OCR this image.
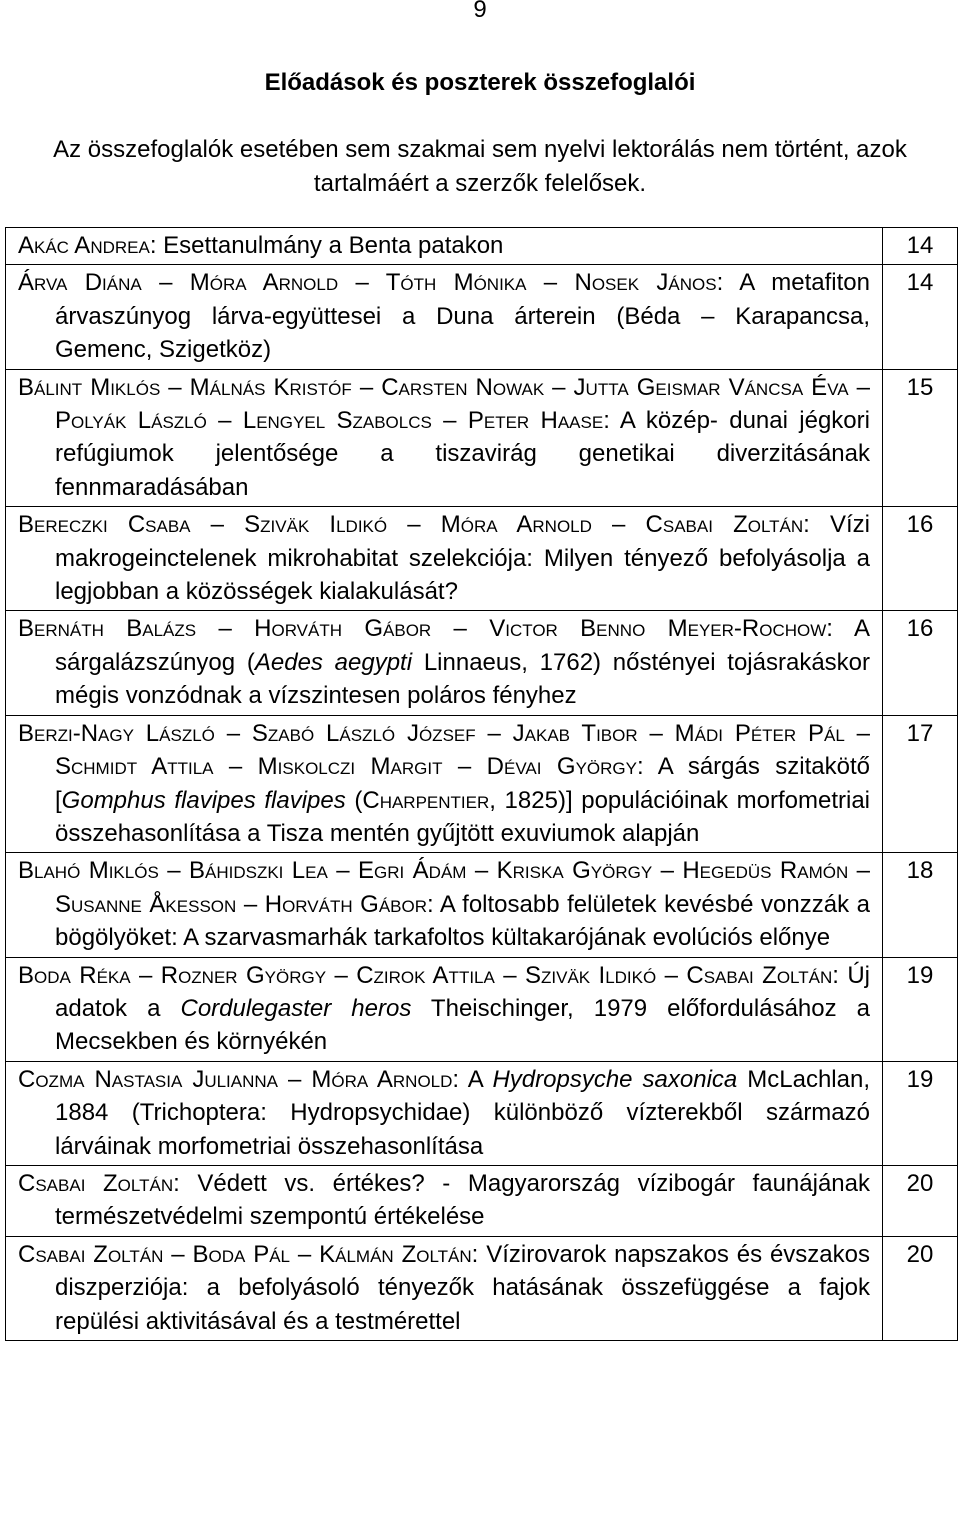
9
Előadások és poszterek összefoglalói
Az összefoglalók esetében sem szakmai sem nyelvi lektorálás nem történt, azok tartalmáért a szerzők felelősek.
Akác Andrea: Esettanulmány a Benta patakon	14

Árva Diána – Móra Arnold – Tóth Mónika – Nosek János: A metafiton árvaszúnyog lárva-együttesei a Duna árterein (Béda – Karapancsa, Gemenc, Szigetköz)	14

Bálint Miklós – Málnás Kristóf – Carsten Nowak – Jutta Geismar Váncsa Éva – Polyák László – Lengyel Szabolcs – Peter Haase: A közép- dunai jégkori refúgiumok jelentősége a tiszavirág genetikai diverzitásának fennmaradásában	15

Bereczki Csaba – Sziväk Ildikó – Móra Arnold – Csabai Zoltán: Vízi makrogeinctelenek mikrohabitat szelekciója: Milyen tényező befolyásolja a legjobban a közösségek kialakulását?	16

Bernáth Balázs – Horváth Gábor – Victor Benno Meyer-Rochow: A sárgalázszúnyog (Aedes aegypti Linnaeus, 1762) nőstényei tojásrakáskor mégis vonzódnak a vízszintesen poláros fényhez	16

Berzi-Nagy László – Szabó László József – Jakab Tibor – Mádi Péter Pál – Schmidt Attila – Miskolczi Margit – Dévai György: A sárgás szitakötő [Gomphus flavipes flavipes (Charpentier, 1825)] populációinak morfometriai összehasonlítása a Tisza mentén gyűjtött exuviumok alapján	17

Blahó Miklós – Báhidszki Lea – Egri Ádám – Kriska György – Hegedüs Ramón – Susanne Åkesson – Horváth Gábor: A foltosabb felületek kevésbé vonzzák a bögölyöket: A szarvasmarhák tarkafoltos kültakarójának evolúciós előnye	18

Boda Réka – Rozner György – Czirok Attila – Sziväk Ildikó – Csabai Zoltán: Új adatok a Cordulegaster heros Theischinger, 1979 előfordulásához a Mecsekben és környékén	19

Cozma Nastasia Julianna – Móra Arnold: A Hydropsyche saxonica McLachlan, 1884 (Trichoptera: Hydropsychidae) különböző vízterekből származó lárváinak morfometriai összehasonlítása	19

Csabai Zoltán: Védett vs. értékes? - Magyarország vízibogár faunájának természetvédelmi szempontú értékelése	20

Csabai Zoltán – Boda Pál – Kálmán Zoltán: Vízirovarok napszakos és évszakos diszperziója: a befolyásoló tényezők hatásának összefüggése a fajok repülési aktivitásával és a testmérettel	20
